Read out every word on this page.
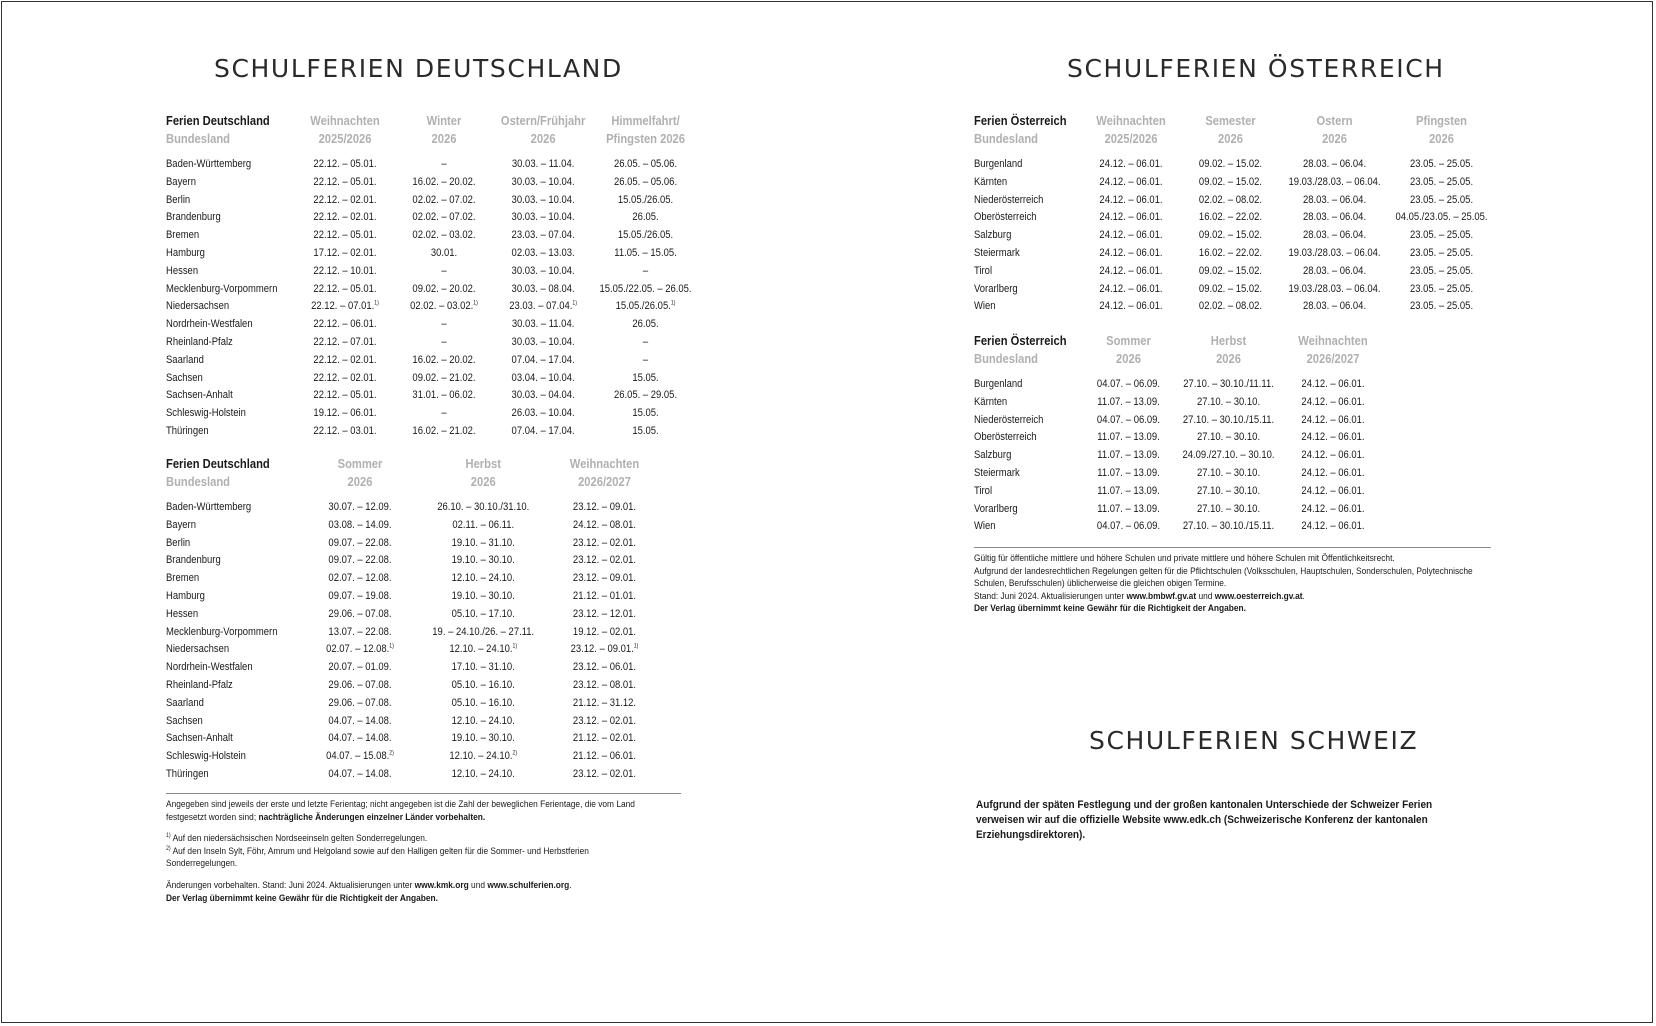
SCHULFERIEN DEUTSCHLAND	SCHULFERIEN ÖSTERREICH
SCHULFERIEN SCHWEIZ
Ferien Deutschland	Weihnachten	Winter	Ostern/Frühjahr	Himmelfahrt/
Bundesland	2025/2026	2026	2026	Pfingsten 2026

Baden-Württemberg	22.12. – 05.01.	–	30.03. – 11.04.	26.05. – 05.06.
Bayern	22.12. – 05.01.	16.02. – 20.02.	30.03. – 10.04.	26.05. – 05.06.
Berlin	22.12. – 02.01.	02.02. – 07.02.	30.03. – 10.04.	15.05./26.05.
Brandenburg	22.12. – 02.01.	02.02. – 07.02.	30.03. – 10.04.	26.05.
Bremen	22.12. – 05.01.	02.02. – 03.02.	23.03. – 07.04.	15.05./26.05.
Hamburg	17.12. – 02.01.	30.01.	02.03. – 13.03.	11.05. – 15.05.
Hessen	22.12. – 10.01.	–	30.03. – 10.04.	–
Mecklenburg-Vorpommern	22.12. – 05.01.	09.02. – 20.02.	30.03. – 08.04.	15.05./22.05. – 26.05.
Niedersachsen	22.12. – 07.01.$^{1)}$	02.02. – 03.02.$^{1)}$	23.03. – 07.04.$^{1)}$	15.05./26.05.$^{1)}$
Nordrhein-Westfalen	22.12. – 06.01.	–	30.03. – 11.04.	26.05.
Rheinland-Pfalz	22.12. – 07.01.	–	30.03. – 10.04.	–
Saarland	22.12. – 02.01.	16.02. – 20.02.	07.04. – 17.04.	–
Sachsen	22.12. – 02.01.	09.02. – 21.02.	03.04. – 10.04.	15.05.
Sachsen-Anhalt	22.12. – 05.01.	31.01. – 06.02.	30.03. – 04.04.	26.05. – 29.05.
Schleswig-Holstein	19.12. – 06.01.	–	26.03. – 10.04.	15.05.
Thüringen	22.12. – 03.01.	16.02. – 21.02.	07.04. – 17.04.	15.05.
Ferien Deutschland	Sommer	Herbst	Weihnachten
Bundesland	2026	2026	2026/2027

Baden-Württemberg	30.07. – 12.09.	26.10. – 30.10./31.10.	23.12. – 09.01.
Bayern	03.08. – 14.09.	02.11. – 06.11.	24.12. – 08.01.
Berlin	09.07. – 22.08.	19.10. – 31.10.	23.12. – 02.01.
Brandenburg	09.07. – 22.08.	19.10. – 30.10.	23.12. – 02.01.
Bremen	02.07. – 12.08.	12.10. – 24.10.	23.12. – 09.01.
Hamburg	09.07. – 19.08.	19.10. – 30.10.	21.12. – 01.01.
Hessen	29.06. – 07.08.	05.10. – 17.10.	23.12. – 12.01.
Mecklenburg-Vorpommern	13.07. – 22.08.	19. – 24.10./26. – 27.11.	19.12. – 02.01.
Niedersachsen	02.07. – 12.08.$^{1)}$	12.10. – 24.10.$^{1)}$	23.12. – 09.01.$^{1)}$
Nordrhein-Westfalen	20.07. – 01.09.	17.10. – 31.10.	23.12. – 06.01.
Rheinland-Pfalz	29.06. – 07.08.	05.10. – 16.10.	23.12. – 08.01.
Saarland	29.06. – 07.08.	05.10. – 16.10.	21.12. – 31.12.
Sachsen	04.07. – 14.08.	12.10. – 24.10.	23.12. – 02.01.
Sachsen-Anhalt	04.07. – 14.08.	19.10. – 30.10.	21.12. – 02.01.
Schleswig-Holstein	04.07. – 15.08.$^{2)}$	12.10. – 24.10.$^{2)}$	21.12. – 06.01.
Thüringen	04.07. – 14.08.	12.10. – 24.10.	23.12. – 02.01.

Angegeben sind jeweils der erste und letzte Ferientag; nicht angegeben ist die Zahl der beweglichen Ferientage, die vom Land festgesetzt worden sind; nachträgliche Änderungen einzelner Länder vorbehalten.

$^{1)}$ Auf den niedersächsischen Nordseeinseln gelten Sonderregelungen.

$^{2)}$ Auf den Inseln Sylt, Föhr, Amrum und Helgoland sowie auf den Halligen gelten für die Sommer- und Herbstferien Sonderregelungen.

Änderungen vorbehalten. Stand: Juni 2024. Aktualisierungen unter www.kmk.org und www.schulferien.org.

Der Verlag übernimmt keine Gewähr für die Richtigkeit der Angaben.

Ferien Österreich	Weihnachten	Semester	Ostern	Pfingsten
Bundesland	2025/2026	2026	2026	2026

Burgenland	24.12. – 06.01.	09.02. – 15.02.	28.03. – 06.04.	23.05. – 25.05.
Kärnten	24.12. – 06.01.	09.02. – 15.02.	19.03./28.03. – 06.04.	23.05. – 25.05.
Niederösterreich	24.12. – 06.01.	02.02. – 08.02.	28.03. – 06.04.	23.05. – 25.05.
Oberösterreich	24.12. – 06.01.	16.02. – 22.02.	28.03. – 06.04.	04.05./23.05. – 25.05.
Salzburg	24.12. – 06.01.	09.02. – 15.02.	28.03. – 06.04.	23.05. – 25.05.
Steiermark	24.12. – 06.01.	16.02. – 22.02.	19.03./28.03. – 06.04.	23.05. – 25.05.
Tirol	24.12. – 06.01.	09.02. – 15.02.	28.03. – 06.04.	23.05. – 25.05.
Vorarlberg	24.12. – 06.01.	09.02. – 15.02.	19.03./28.03. – 06.04.	23.05. – 25.05.
Wien	24.12. – 06.01.	02.02. – 08.02.	28.03. – 06.04.	23.05. – 25.05.
Ferien Österreich	Sommer	Herbst	Weihnachten
Bundesland	2026	2026	2026/2027

Burgenland	04.07. – 06.09.	27.10. – 30.10./11.11.	24.12. – 06.01.
Kärnten	11.07. – 13.09.	27.10. – 30.10.	24.12. – 06.01.
Niederösterreich	04.07. – 06.09.	27.10. – 30.10./15.11.	24.12. – 06.01.
Oberösterreich	11.07. – 13.09.	27.10. – 30.10.	24.12. – 06.01.
Salzburg	11.07. – 13.09.	24.09./27.10. – 30.10.	24.12. – 06.01.
Steiermark	11.07. – 13.09.	27.10. – 30.10.	24.12. – 06.01.
Tirol	11.07. – 13.09.	27.10. – 30.10.	24.12. – 06.01.
Vorarlberg	11.07. – 13.09.	27.10. – 30.10.	24.12. – 06.01.
Wien	04.07. – 06.09.	27.10. – 30.10./15.11.	24.12. – 06.01.

Gültig für öffentliche mittlere und höhere Schulen und private mittlere und höhere Schulen mit Öffentlichkeitsrecht.

Aufgrund der landesrechtlichen Regelungen gelten für die Pflichtschulen (Volksschulen, Hauptschulen, Sonderschulen, Polytechnische Schulen, Berufsschulen) üblicherweise die gleichen obigen Termine.

Stand: Juni 2024. Aktualisierungen unter www.bmbwf.gv.at und www.oesterreich.gv.at.

Der Verlag übernimmt keine Gewähr für die Richtigkeit der Angaben.

Aufgrund der späten Festlegung und der großen kantonalen Unterschiede der Schweizer Ferien verweisen wir auf die offizielle Website www.edk.ch (Schweizerische Konferenz der kantonalen Erziehungsdirektoren).
